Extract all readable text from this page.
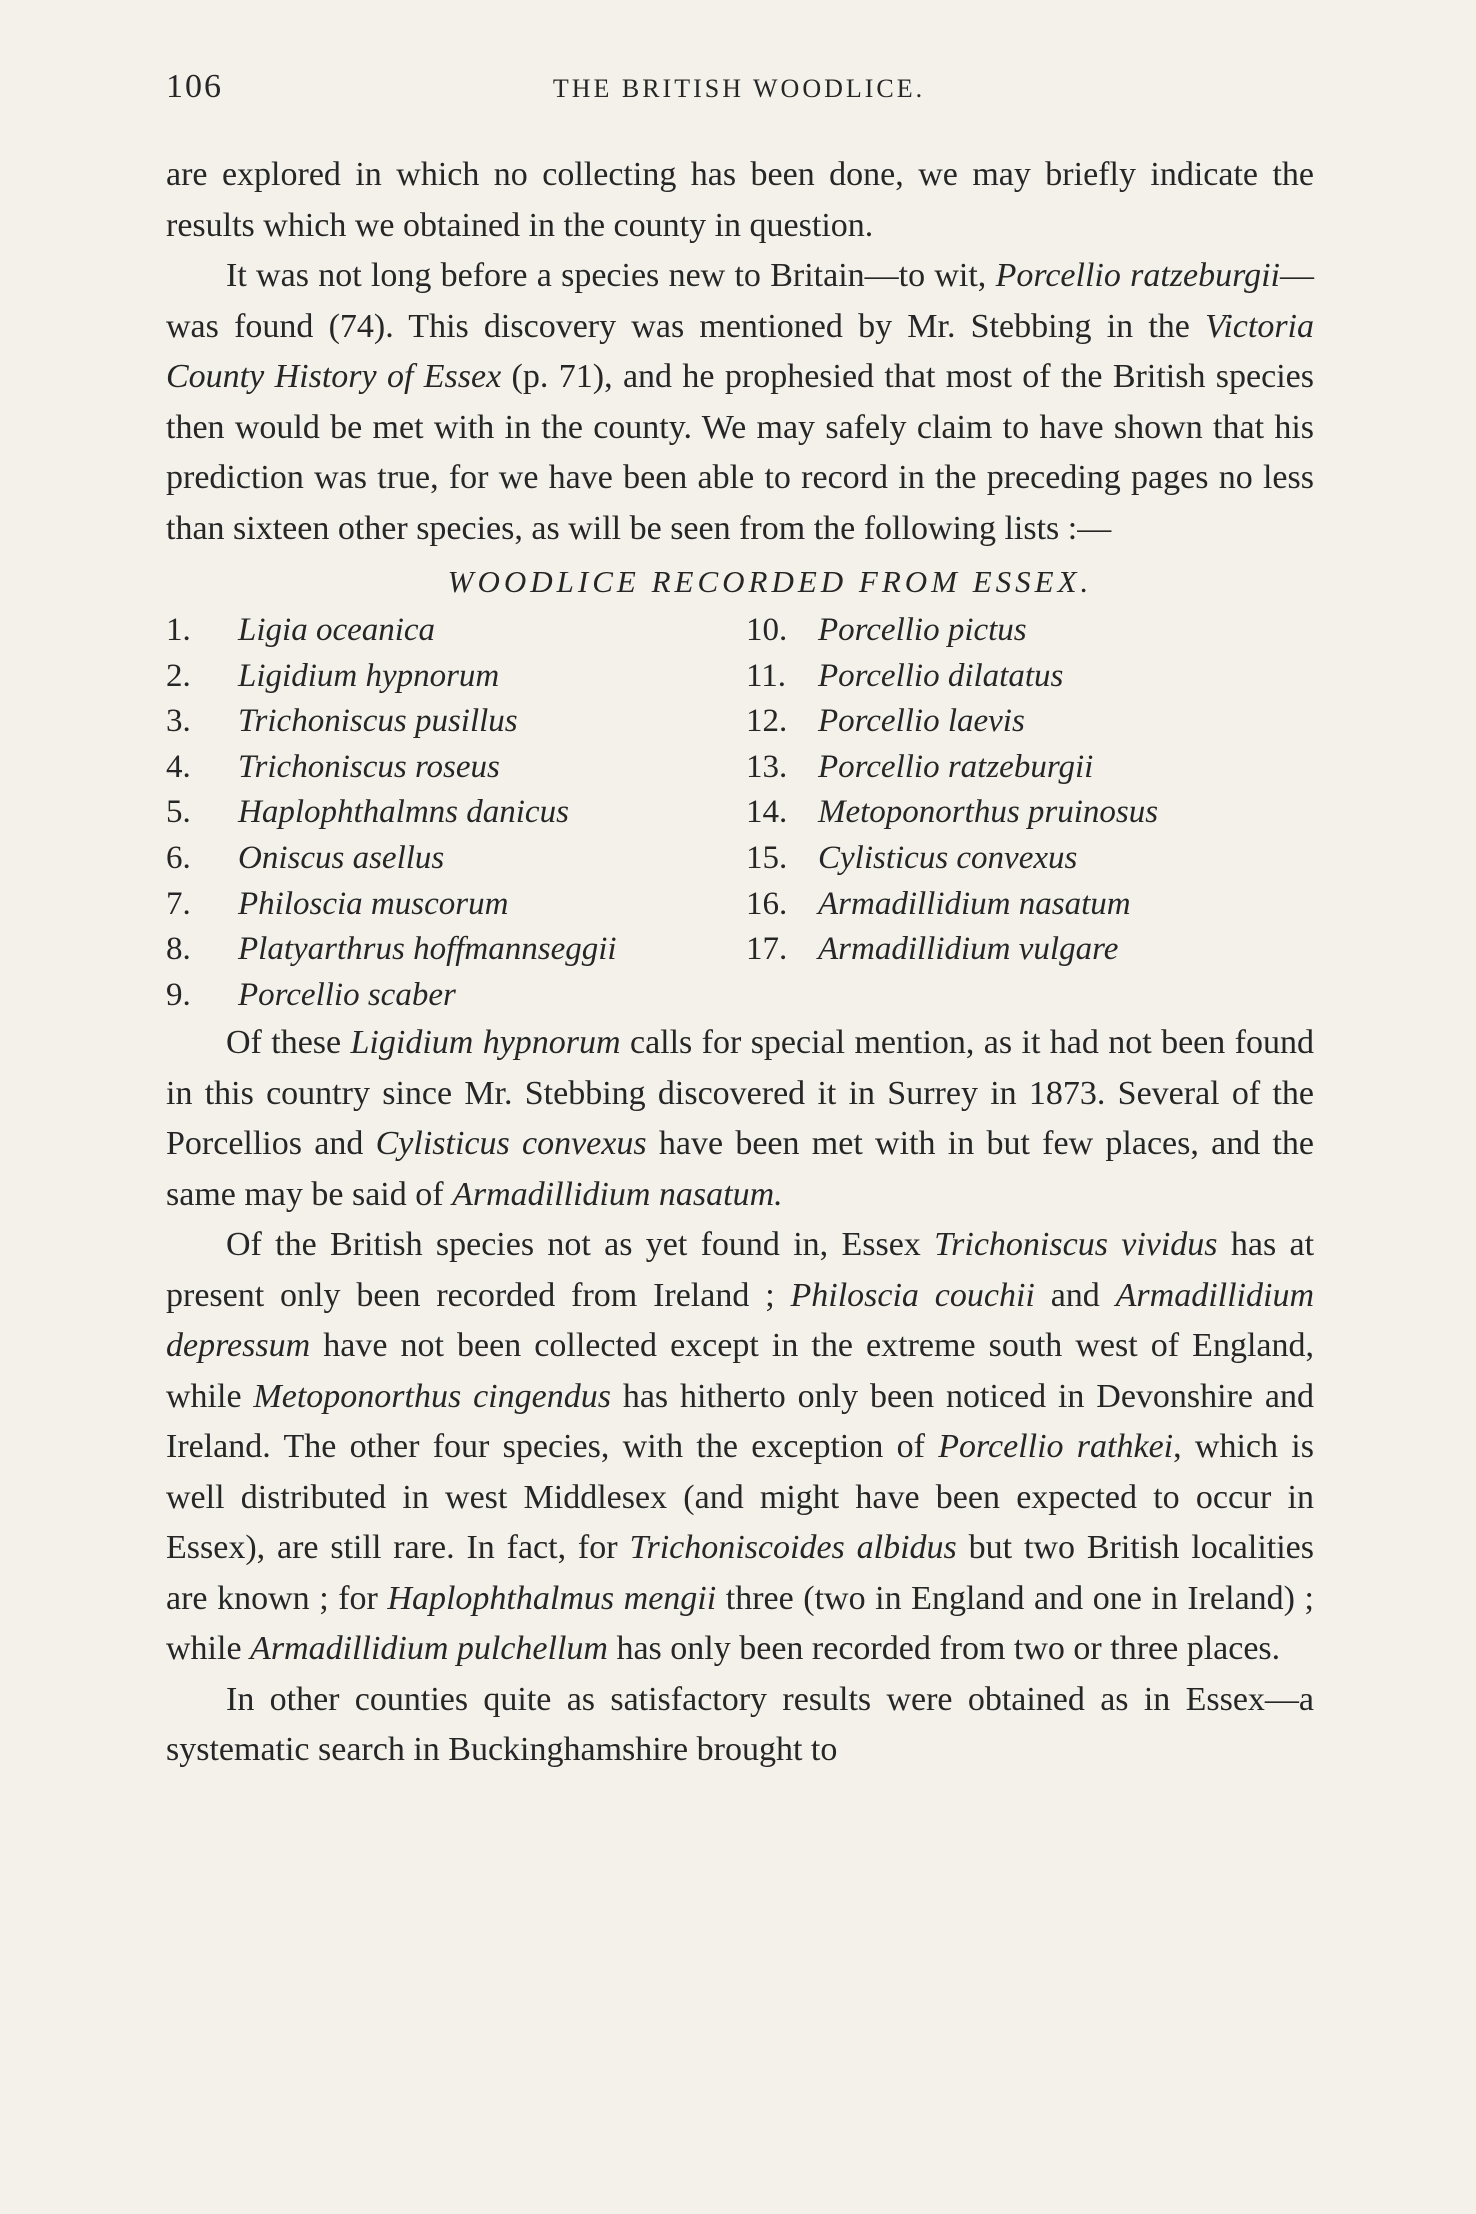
106	THE BRITISH WOODLICE.

are explored in which no collecting has been done, we may briefly indicate the results which we obtained in the county in question.

It was not long before a species new to Britain—to wit, Porcellio ratzeburgii—was found (74). This discovery was mentioned by Mr. Stebbing in the Victoria County History of Essex (p. 71), and he prophesied that most of the British species then would be met with in the county. We may safely claim to have shown that his prediction was true, for we have been able to record in the preceding pages no less than sixteen other species, as will be seen from the following lists :—

WOODLICE RECORDED FROM ESSEX.
1.	Ligia oceanica
2.	Ligidium hypnorum
3.	Trichoniscus pusillus
4.	Trichoniscus roseus
5.	Haplophthalmns danicus
6.	Oniscus asellus
7.	Philoscia muscorum
8.	Platyarthrus hoffmannseggii
9.	Porcellio scaber
10. Porcellio pictus
11. Porcellio dilatatus
12. Porcellio laevis
13. Porcellio ratzeburgii
14. Metoponorthus pruinosus
15. Cylisticus convexus
16. Armadillidium nasatum
17. Armadillidium vulgare

Of these Ligidium hypnorum calls for special mention, as it had not been found in this country since Mr. Stebbing discovered it in Surrey in 1873. Several of the Porcellios and Cylisticus convexus have been met with in but few places, and the same may be said of Armadillidium nasatum.

Of the British species not as yet found in, Essex Trichoniscus vividus has at present only been recorded from Ireland ; Philoscia couchii and Armadillidium depressum have not been collected except in the extreme south west of England, while Metoponorthus cingendus has hitherto only been noticed in Devonshire and Ireland. The other four species, with the exception of Porcellio rathkei, which is well distributed in west Middlesex (and might have been expected to occur in Essex), are still rare. In fact, for Trichoniscoides albidus but two British localities are known ; for Haplophthalmus mengii three (two in England and one in Ireland) ; while Armadillidium pulchellum has only been recorded from two or three places.

In other counties quite as satisfactory results were obtained as in Essex—a systematic search in Buckinghamshire brought to
